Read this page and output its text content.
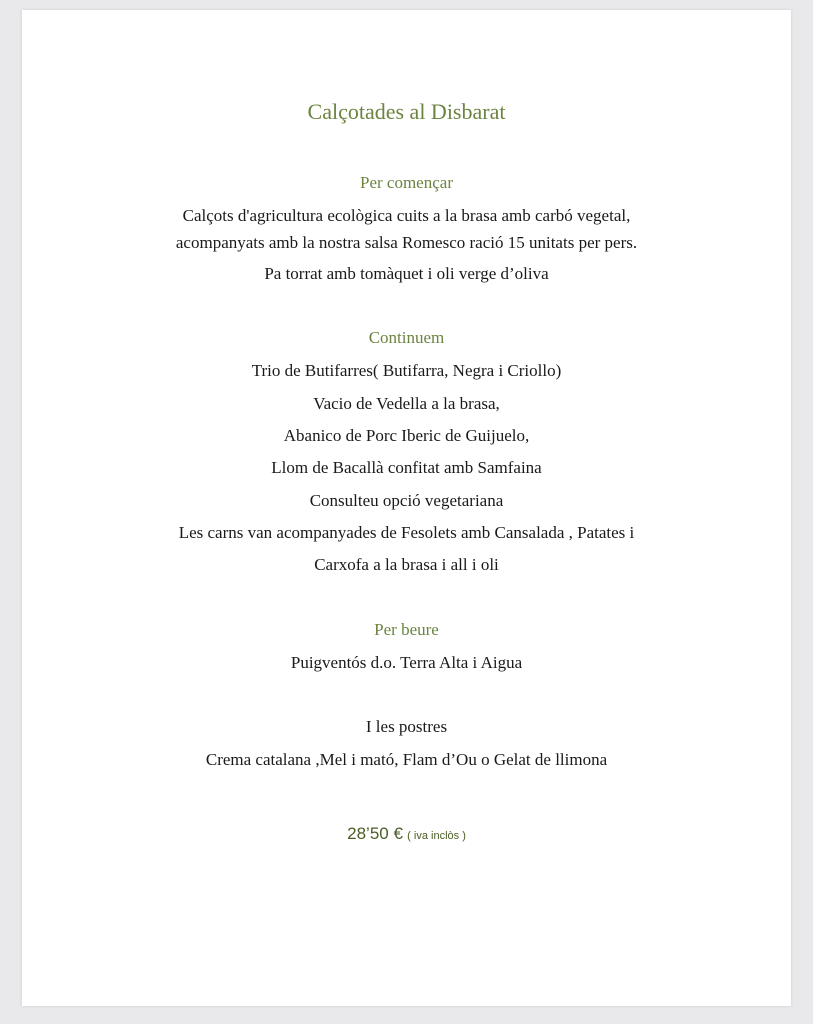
Calçotades al Disbarat
Per començar
Calçots d'agricultura ecològica cuits a la brasa amb carbó vegetal,
acompanyats amb la nostra salsa Romesco ració 15 unitats per pers.
Pa torrat amb tomàquet i oli verge d’oliva
Continuem
Trio de Butifarres( Butifarra, Negra i Criollo)
Vacio de Vedella a la brasa,
Abanico de Porc Iberic de Guijuelo,
Llom de Bacallà confitat amb Samfaina
Consulteu opció vegetariana
Les carns van acompanyades de Fesolets amb Cansalada , Patates i
Carxofa a la brasa i all i oli
Per beure
Puigventós d.o. Terra Alta i Aigua
I les postres
Crema catalana ,Mel i mató, Flam d’Ou o Gelat de llimona
28’50 € ( iva inclòs )
